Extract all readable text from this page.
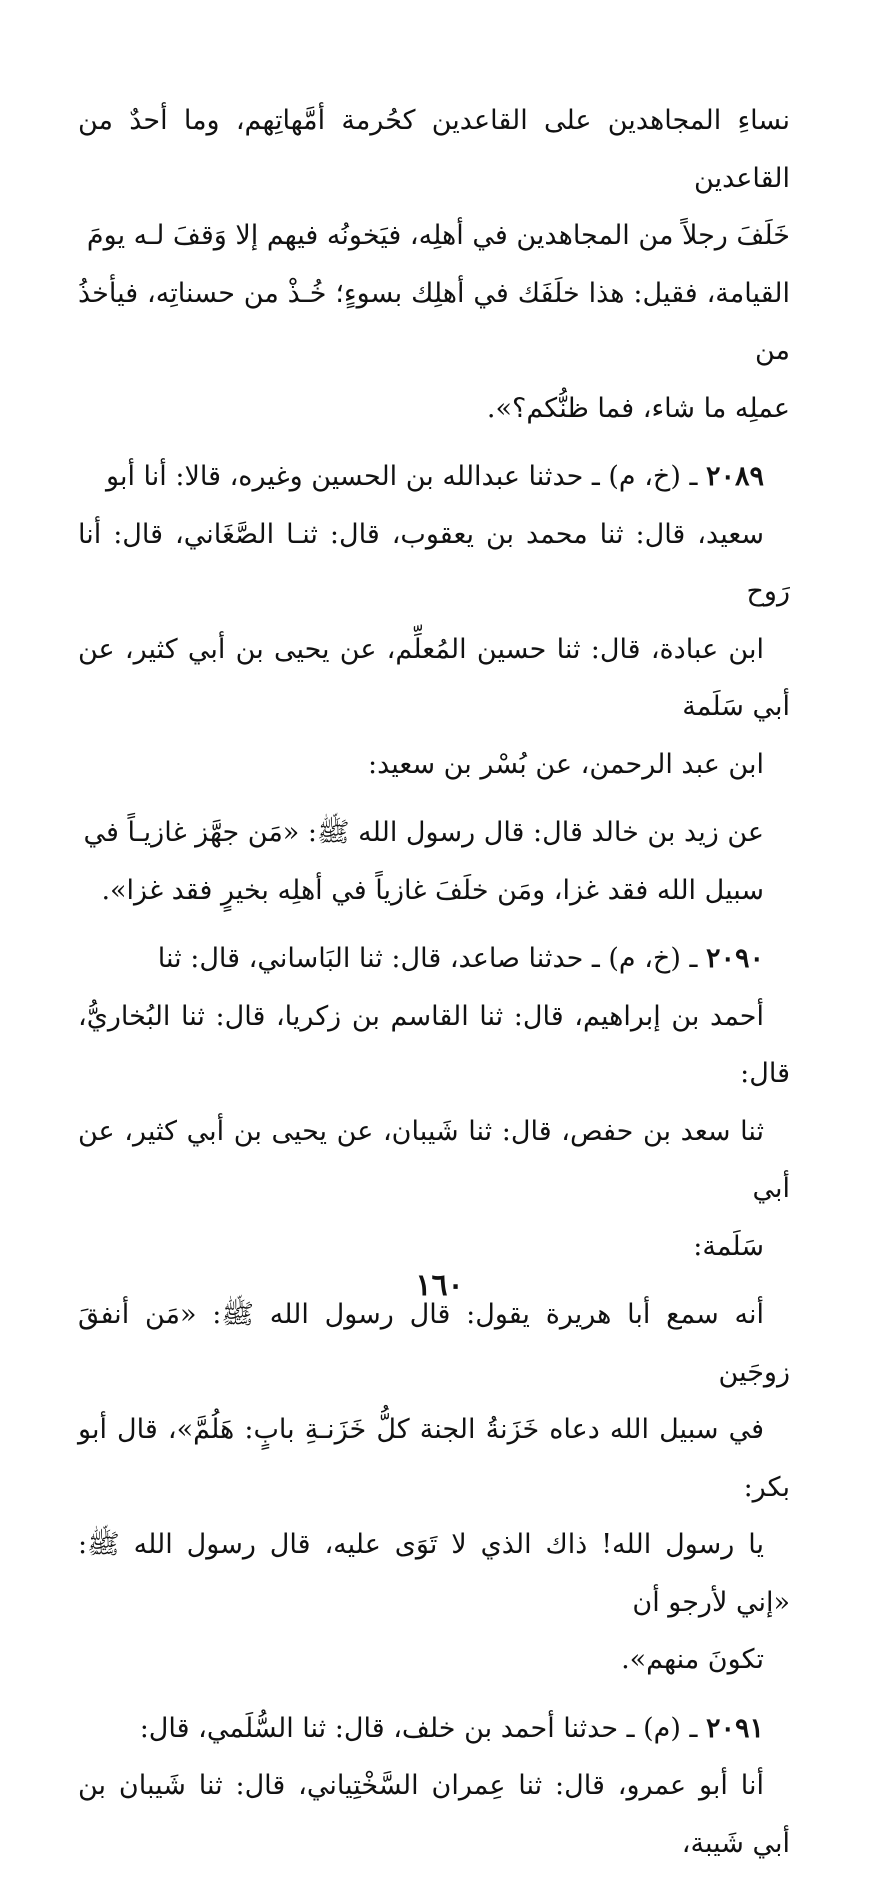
نساءِ المجاهدين على القاعدين كحُرمة أمَّهاتِهم، وما أحدٌ من القاعدين
خَلَفَ رجلاً من المجاهدين في أهلِه، فيَخونُه فيهم إلا وَقفَ لـه يومَ
القيامة، فقيل: هذا خلَفَك في أهلِك بسوءٍ؛ خُـذْ من حسناتِه، فيأخذُ من
عملِه ما شاء، فما ظنُّكم؟».

٢٠٨٩ ـ (خ، م) ـ حدثنا عبدالله بن الحسين وغيره، قالا: أنا أبو
سعيد، قال: ثنا محمد بن يعقوب، قال: ثنـا الصَّغَاني، قال: أنا رَوح
ابن عبادة، قال: ثنا حسين المُعلِّم، عن يحيى بن أبي كثير، عن أبي سَلَمة
ابن عبد الرحمن، عن بُسْر بن سعيد:

عن زيد بن خالد قال: قال رسول الله ﷺ: «مَن جهَّز غازيـاً في
سبيل الله فقد غزا، ومَن خلَفَ غازياً في أهلِه بخيرٍ فقد غزا».

٢٠٩٠ ـ (خ، م) ـ حدثنا صاعد، قال: ثنا البَاساني، قال: ثنا
أحمد بن إبراهيم، قال: ثنا القاسم بن زكريا، قال: ثنا البُخاريُّ، قال:
ثنا سعد بن حفص، قال: ثنا شَيبان، عن يحيى بن أبي كثير، عن أبي
سَلَمة:

أنه سمع أبا هريرة يقول: قال رسول الله ﷺ: «مَن أنفقَ زوجَين
في سبيل الله دعاه خَزَنةُ الجنة كلُّ خَزَنـةِ بابٍ: هَلُمَّ»، قال أبو بكر:
يا رسول الله! ذاك الذي لا تَوَى عليه، قال رسول الله ﷺ: «إني لأرجو أن
تكونَ منهم».

٢٠٩١ ـ (م) ـ حدثنا أحمد بن خلف، قال: ثنا السُّلَمي، قال:
أنا أبو عمرو، قال: ثنا عِمران السَّخْتِياني، قال: ثنا شَيبان بن أبي شَيبة،

١٦٠
